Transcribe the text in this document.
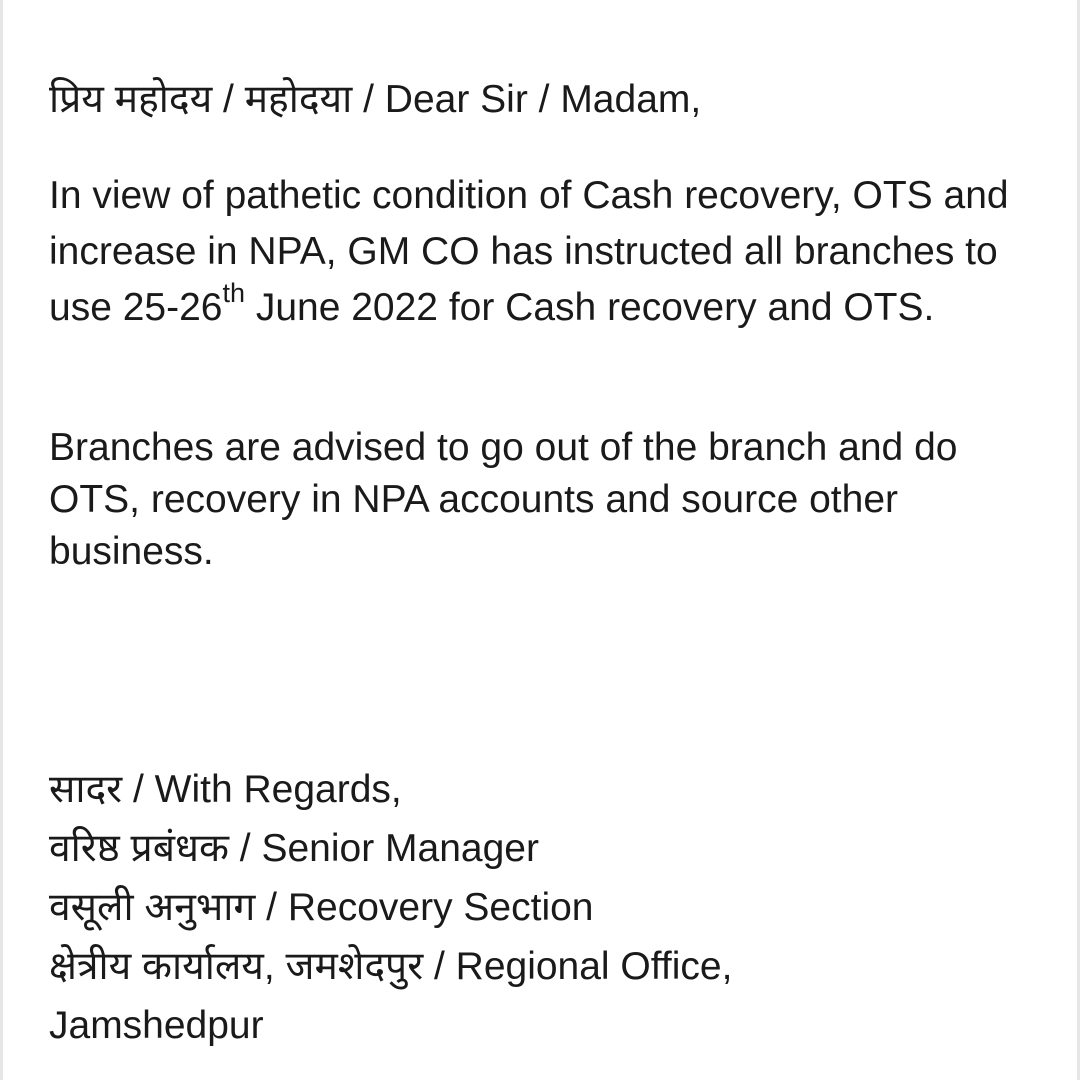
प्रिय महोदय / महोदया / Dear Sir / Madam,

In view of pathetic condition of Cash recovery, OTS and increase in NPA, GM CO has instructed all branches to use 25-26th June 2022 for Cash recovery and OTS.

Branches are advised to go out of the branch and do OTS, recovery in NPA accounts and source other business.

सादर / With Regards,
वरिष्ठ प्रबंधक / Senior Manager
वसूली अनुभाग / Recovery Section
क्षेत्रीय कार्यालय, जमशेदपुर / Regional Office,
Jamshedpur
